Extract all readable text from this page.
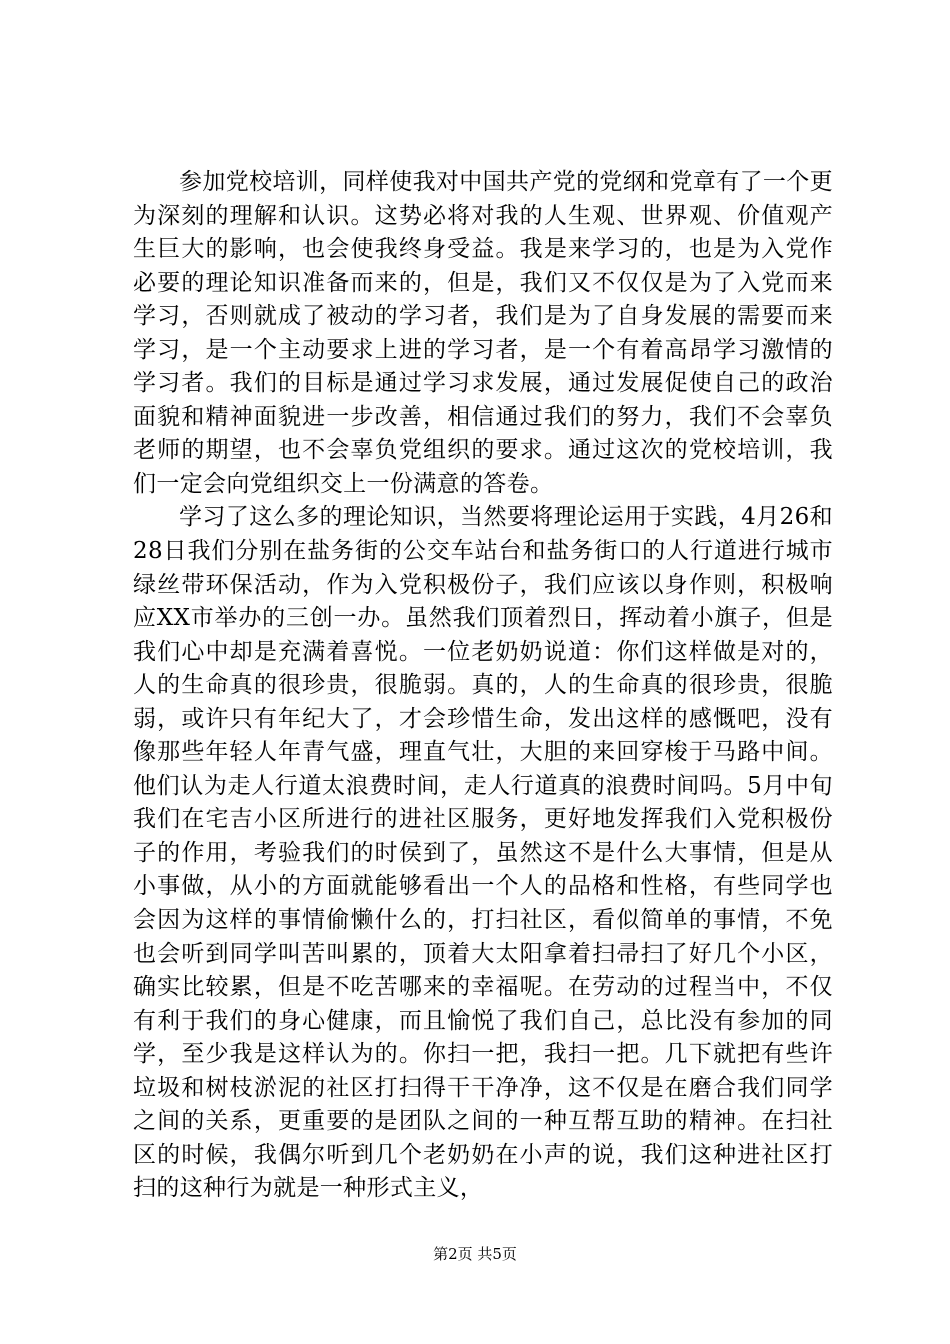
参加党校培训，同样使我对中国共产党的党纲和党章有了一个更为深刻的理解和认识。这势必将对我的人生观、世界观、价值观产生巨大的影响，也会使我终身受益。我是来学习的，也是为入党作必要的理论知识准备而来的，但是，我们又不仅仅是为了入党而来学习，否则就成了被动的学习者，我们是为了自身发展的需要而来学习，是一个主动要求上进的学习者，是一个有着高昂学习激情的学习者。我们的目标是通过学习求发展，通过发展促使自己的政治面貌和精神面貌进一步改善，相信通过我们的努力，我们不会辜负老师的期望，也不会辜负党组织的要求。通过这次的党校培训，我们一定会向党组织交上一份满意的答卷。

学习了这么多的理论知识，当然要将理论运用于实践，4月26和28日我们分别在盐务街的公交车站台和盐务街口的人行道进行城市绿丝带环保活动，作为入党积极份子，我们应该以身作则，积极响应XX市举办的三创一办。虽然我们顶着烈日，挥动着小旗子，但是我们心中却是充满着喜悦。一位老奶奶说道：你们这样做是对的，人的生命真的很珍贵，很脆弱。真的，人的生命真的很珍贵，很脆弱，或许只有年纪大了，才会珍惜生命，发出这样的感慨吧，没有像那些年轻人年青气盛，理直气壮，大胆的来回穿梭于马路中间。他们认为走人行道太浪费时间，走人行道真的浪费时间吗。5月中旬我们在宅吉小区所进行的进社区服务，更好地发挥我们入党积极份子的作用，考验我们的时侯到了，虽然这不是什么大事情，但是从小事做，从小的方面就能够看出一个人的品格和性格，有些同学也会因为这样的事情偷懒什么的，打扫社区，看似简单的事情，不免也会听到同学叫苦叫累的，顶着大太阳拿着扫帚扫了好几个小区，确实比较累，但是不吃苦哪来的幸福呢。在劳动的过程当中，不仅有利于我们的身心健康，而且愉悦了我们自己，总比没有参加的同学，至少我是这样认为的。你扫一把，我扫一把。几下就把有些许垃圾和树枝淤泥的社区打扫得干干净净，这不仅是在磨合我们同学之间的关系，更重要的是团队之间的一种互帮互助的精神。在扫社区的时候，我偶尔听到几个老奶奶在小声的说，我们这种进社区打扫的这种行为就是一种形式主义，

第2页 共5页
